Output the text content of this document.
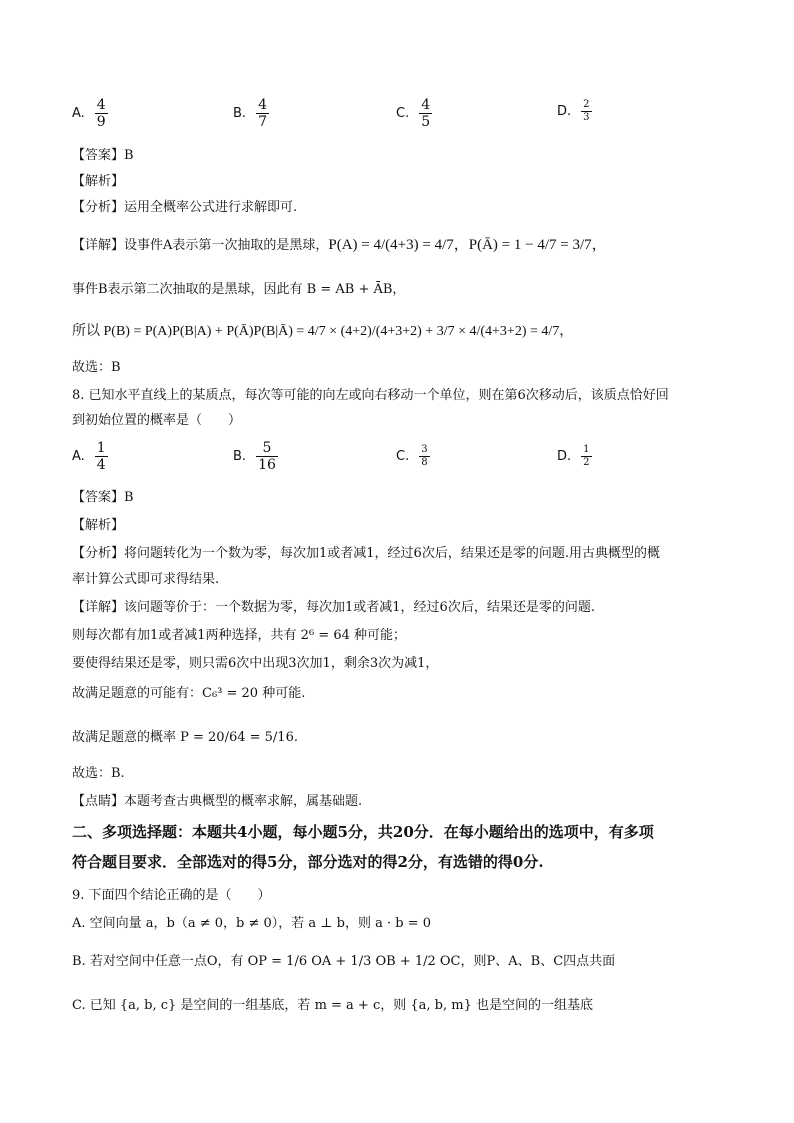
A. $\frac{4}{9}$	B. $\frac{4}{7}$	C. $\frac{4}{5}$	D. $\frac{2}{3}$
【答案】B
【解析】
【分析】运用全概率公式进行求解即可.
【详解】设事件A表示第一次抽取的是黑球，P(A) = 4/(4+3) = 4/7，P(Ā) = 1 − 4/7 = 3/7，
事件B表示第二次抽取的是黑球，因此有 B = AB + ĀB，
所以 P(B) = P(A)P(B|A) + P(Ā)P(B|Ā) = 4/7 × (4+2)/(4+3+2) + 3/7 × 4/(4+3+2) = 4/7，
故选：B
8. 已知水平直线上的某质点，每次等可能的向左或向右移动一个单位，则在第6次移动后，该质点恰好回
到初始位置的概率是（　　）
A. $\frac{1}{4}$	B. $\frac{5}{16}$	C. $\frac{3}{8}$	D. $\frac{1}{2}$
【答案】B
【解析】
【分析】将问题转化为一个数为零，每次加1或者减1，经过6次后，结果还是零的问题.用古典概型的概
率计算公式即可求得结果.
【详解】该问题等价于：一个数据为零，每次加1或者减1，经过6次后，结果还是零的问题.
则每次都有加1或者减1两种选择，共有 2⁶ = 64 种可能；
要使得结果还是零，则只需6次中出现3次加1，剩余3次为减1，
故满足题意的可能有：C₆³ = 20 种可能.
故满足题意的概率 P = 20/64 = 5/16.
故选：B.
【点睛】本题考查古典概型的概率求解，属基础题.
二、多项选择题：本题共4小题，每小题5分，共20分．在每小题给出的选项中，有多项
符合题目要求．全部选对的得5分，部分选对的得2分，有选错的得0分.
9. 下面四个结论正确的是（　　）
A. 空间向量 a，b（a ≠ 0，b ≠ 0），若 a ⊥ b，则 a · b = 0
B. 若对空间中任意一点O，有 OP = 1/6 OA + 1/3 OB + 1/2 OC，则P、A、B、C四点共面
C. 已知 {a, b, c} 是空间的一组基底，若 m = a + c，则 {a, b, m} 也是空间的一组基底
